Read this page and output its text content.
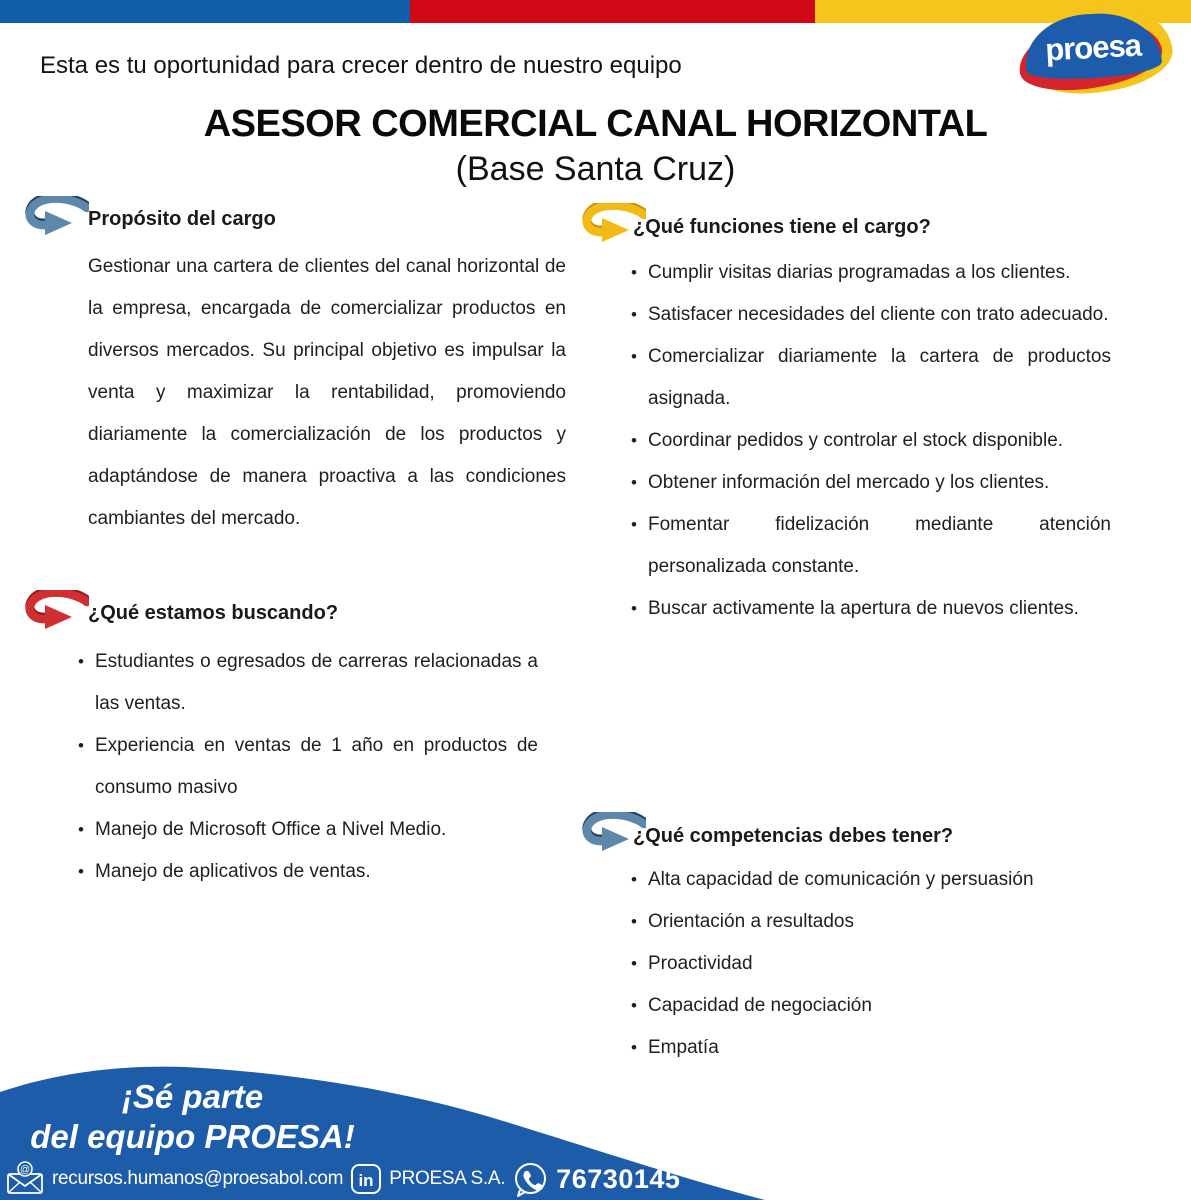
proesa
Esta es tu oportunidad para crecer dentro de nuestro equipo
ASESOR COMERCIAL CANAL HORIZONTAL
(Base Santa Cruz)
Propósito del cargo
Gestionar una cartera de clientes del canal horizontal de la empresa, encargada de comercializar productos en diversos mercados. Su principal objetivo es impulsar la venta y maximizar la rentabilidad, promoviendo diariamente la comercialización de los productos y adaptándose de manera proactiva a las condiciones cambiantes del mercado.
¿Qué estamos buscando?
• Estudiantes o egresados de carreras relacionadas a las ventas.
• Experiencia en ventas de 1 año en productos de consumo masivo
• Manejo de Microsoft Office a Nivel Medio.
• Manejo de aplicativos de ventas.
¿Qué funciones tiene el cargo?
• Cumplir visitas diarias programadas a los clientes.
• Satisfacer necesidades del cliente con trato adecuado.
• Comercializar diariamente la cartera de productos asignada.
• Coordinar pedidos y controlar el stock disponible.
• Obtener información del mercado y los clientes.
• Fomentar fidelización mediante atención personalizada constante.
• Buscar activamente la apertura de nuevos clientes.
¿Qué competencias debes tener?
• Alta capacidad de comunicación y persuasión
• Orientación a resultados
• Proactividad
• Capacidad de negociación
• Empatía
¡Sé parte
del equipo PROESA!
@ recursos.humanos@proesabol.com in PROESA S.A. 76730145
